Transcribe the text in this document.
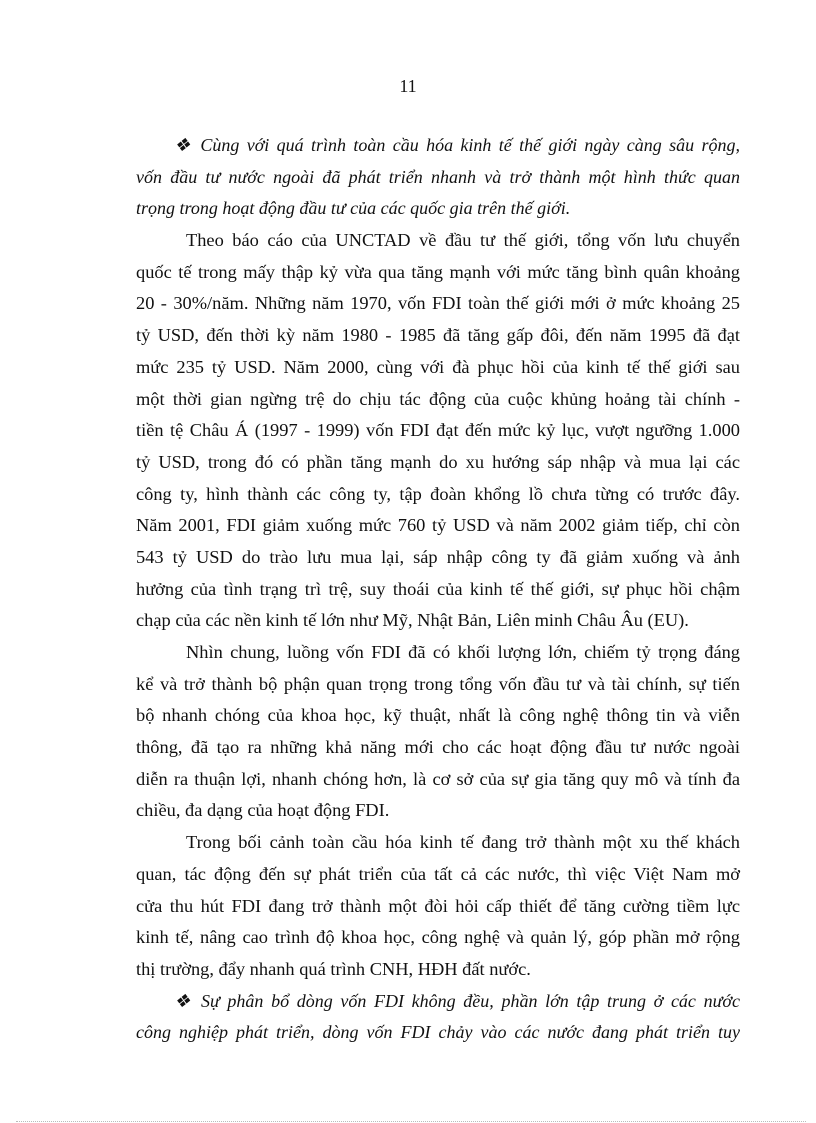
11
❖ Cùng với quá trình toàn cầu hóa kinh tế thế giới ngày càng sâu rộng,
vốn đầu tư nước ngoài đã phát triển nhanh và trở thành một hình thức quan
trọng trong hoạt động đầu tư của các quốc gia trên thế giới.
Theo báo cáo của UNCTAD về đầu tư thế giới, tổng vốn lưu chuyển
quốc tế trong mấy thập kỷ vừa qua tăng mạnh với mức tăng bình quân khoảng
20 - 30%/năm. Những năm 1970, vốn FDI toàn thế giới mới ở mức khoảng 25
tỷ USD, đến thời kỳ năm 1980 - 1985 đã tăng gấp đôi, đến năm 1995 đã đạt
mức 235 tỷ USD. Năm 2000, cùng với đà phục hồi của kinh tế thế giới sau
một thời gian ngừng trệ do chịu tác động của cuộc khủng hoảng tài chính -
tiền tệ Châu Á (1997 - 1999) vốn FDI đạt đến mức kỷ lục, vượt ngưỡng 1.000
tỷ USD, trong đó có phần tăng mạnh do xu hướng sáp nhập và mua lại các
công ty, hình thành các công ty, tập đoàn khổng lồ chưa từng có trước đây.
Năm 2001, FDI giảm xuống mức 760 tỷ USD và năm 2002 giảm tiếp, chỉ còn
543 tỷ USD do trào lưu mua lại, sáp nhập công ty đã giảm xuống và ảnh
hưởng của tình trạng trì trệ, suy thoái của kinh tế thế giới, sự phục hồi chậm
chạp của các nền kinh tế lớn như Mỹ, Nhật Bản, Liên minh Châu Âu (EU).
Nhìn chung, luồng vốn FDI đã có khối lượng lớn, chiếm tỷ trọng đáng
kể và trở thành bộ phận quan trọng trong tổng vốn đầu tư và tài chính, sự tiến
bộ nhanh chóng của khoa học, kỹ thuật, nhất là công nghệ thông tin và viễn
thông, đã tạo ra những khả năng mới cho các hoạt động đầu tư nước ngoài
diễn ra thuận lợi, nhanh chóng hơn, là cơ sở của sự gia tăng quy mô và tính đa
chiều, đa dạng của hoạt động FDI.
Trong bối cảnh toàn cầu hóa kinh tế đang trở thành một xu thế khách
quan, tác động đến sự phát triển của tất cả các nước, thì việc Việt Nam mở
cửa thu hút FDI đang trở thành một đòi hỏi cấp thiết để tăng cường tiềm lực
kinh tế, nâng cao trình độ khoa học, công nghệ và quản lý, góp phần mở rộng
thị trường, đẩy nhanh quá trình CNH, HĐH đất nước.
❖ Sự phân bổ dòng vốn FDI không đều, phần lớn tập trung ở các nước
công nghiệp phát triển, dòng vốn FDI chảy vào các nước đang phát triển tuy
